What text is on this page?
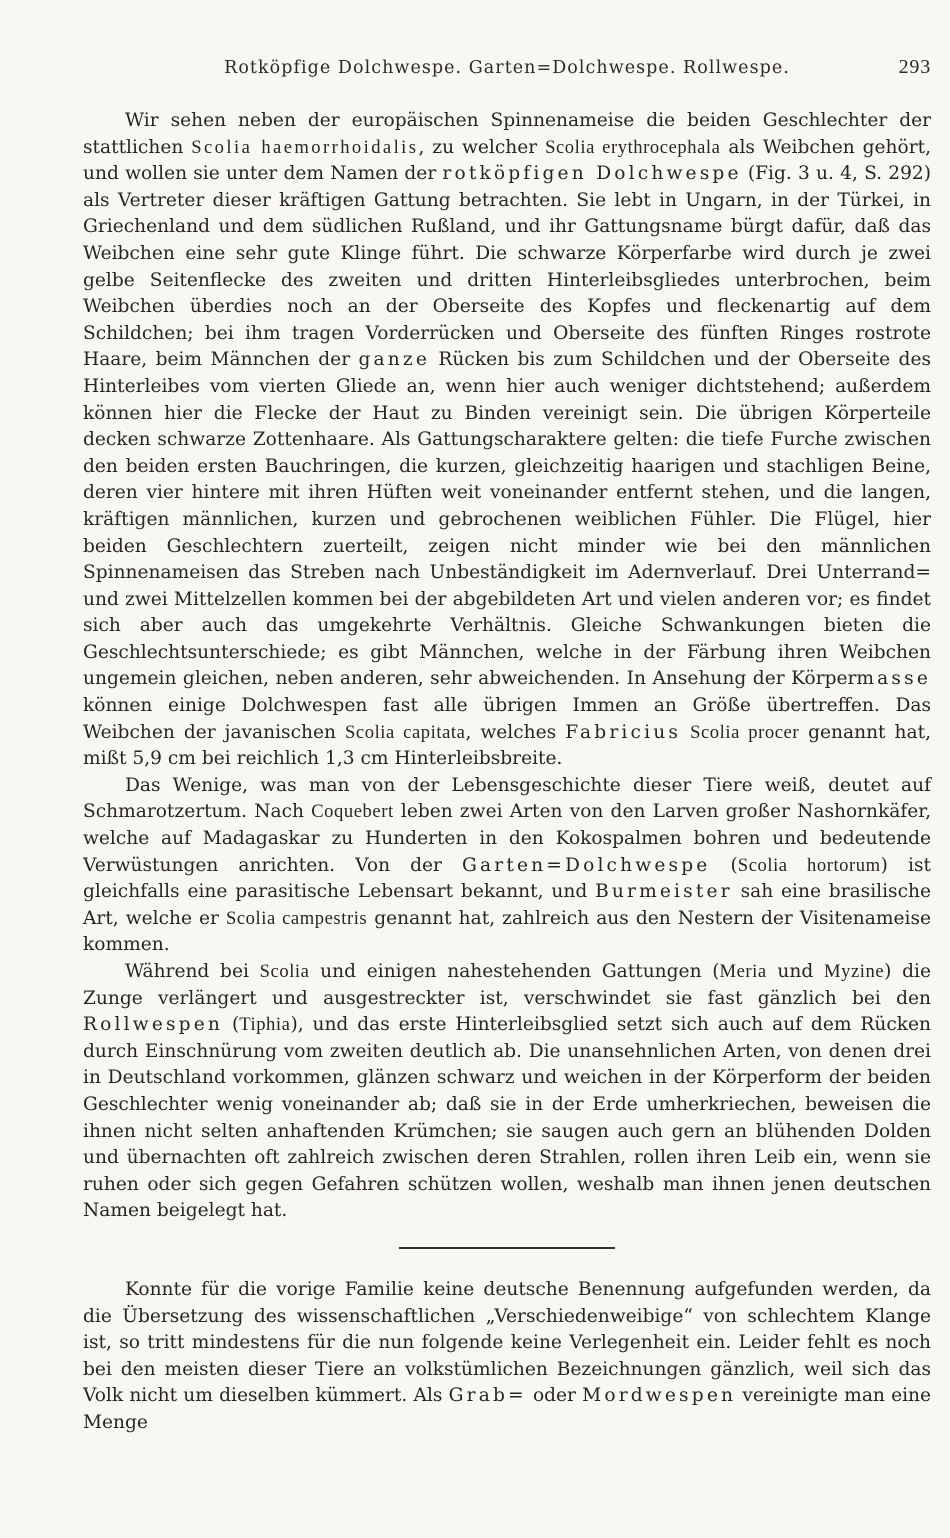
Rotköpfige Dolchwespe. Garten=Dolchwespe. Rollwespe.	293

Wir sehen neben der europäischen Spinnenameise die beiden Geschlechter der stattlichen Scolia haemorrhoidalis, zu welcher Scolia erythrocephala als Weibchen gehört, und wollen sie unter dem Namen der rotköpfigen Dolchwespe (Fig. 3 u. 4, S. 292) als Vertreter dieser kräftigen Gattung betrachten. Sie lebt in Ungarn, in der Türkei, in Griechenland und dem südlichen Rußland, und ihr Gattungsname bürgt dafür, daß das Weibchen eine sehr gute Klinge führt. Die schwarze Körperfarbe wird durch je zwei gelbe Seitenflecke des zweiten und dritten Hinterleibsgliedes unterbrochen, beim Weibchen überdies noch an der Oberseite des Kopfes und fleckenartig auf dem Schildchen; bei ihm tragen Vorderrücken und Oberseite des fünften Ringes rostrote Haare, beim Männchen der ganze Rücken bis zum Schildchen und der Oberseite des Hinterleibes vom vierten Gliede an, wenn hier auch weniger dichtstehend; außerdem können hier die Flecke der Haut zu Binden vereinigt sein. Die übrigen Körperteile decken schwarze Zottenhaare. Als Gattungscharaktere gelten: die tiefe Furche zwischen den beiden ersten Bauchringen, die kurzen, gleichzeitig haarigen und stachligen Beine, deren vier hintere mit ihren Hüften weit voneinander entfernt stehen, und die langen, kräftigen männlichen, kurzen und gebrochenen weiblichen Fühler. Die Flügel, hier beiden Geschlechtern zuerteilt, zeigen nicht minder wie bei den männlichen Spinnenameisen das Streben nach Unbeständigkeit im Adernverlauf. Drei Unterrand= und zwei Mittelzellen kommen bei der abgebildeten Art und vielen anderen vor; es findet sich aber auch das umgekehrte Verhältnis. Gleiche Schwankungen bieten die Geschlechtsunterschiede; es gibt Männchen, welche in der Färbung ihren Weibchen ungemein gleichen, neben anderen, sehr abweichenden. In Ansehung der Körpermasse können einige Dolchwespen fast alle übrigen Immen an Größe übertreffen. Das Weibchen der javanischen Scolia capitata, welches Fabricius Scolia procer genannt hat, mißt 5,9 cm bei reichlich 1,3 cm Hinterleibsbreite.

Das Wenige, was man von der Lebensgeschichte dieser Tiere weiß, deutet auf Schmarotzertum. Nach Coquebert leben zwei Arten von den Larven großer Nashornkäfer, welche auf Madagaskar zu Hunderten in den Kokospalmen bohren und bedeutende Verwüstungen anrichten. Von der Garten=Dolchwespe (Scolia hortorum) ist gleichfalls eine parasitische Lebensart bekannt, und Burmeister sah eine brasilische Art, welche er Scolia campestris genannt hat, zahlreich aus den Nestern der Visitenameise kommen.

Während bei Scolia und einigen nahestehenden Gattungen (Meria und Myzine) die Zunge verlängert und ausgestreckter ist, verschwindet sie fast gänzlich bei den Rollwespen (Tiphia), und das erste Hinterleibsglied setzt sich auch auf dem Rücken durch Einschnürung vom zweiten deutlich ab. Die unansehnlichen Arten, von denen drei in Deutschland vorkommen, glänzen schwarz und weichen in der Körperform der beiden Geschlechter wenig voneinander ab; daß sie in der Erde umherkriechen, beweisen die ihnen nicht selten anhaftenden Krümchen; sie saugen auch gern an blühenden Dolden und übernachten oft zahlreich zwischen deren Strahlen, rollen ihren Leib ein, wenn sie ruhen oder sich gegen Gefahren schützen wollen, weshalb man ihnen jenen deutschen Namen beigelegt hat.

Konnte für die vorige Familie keine deutsche Benennung aufgefunden werden, da die Übersetzung des wissenschaftlichen „Verschiedenweibige“ von schlechtem Klange ist, so tritt mindestens für die nun folgende keine Verlegenheit ein. Leider fehlt es noch bei den meisten dieser Tiere an volkstümlichen Bezeichnungen gänzlich, weil sich das Volk nicht um dieselben kümmert. Als Grab= oder Mordwespen vereinigte man eine Menge
